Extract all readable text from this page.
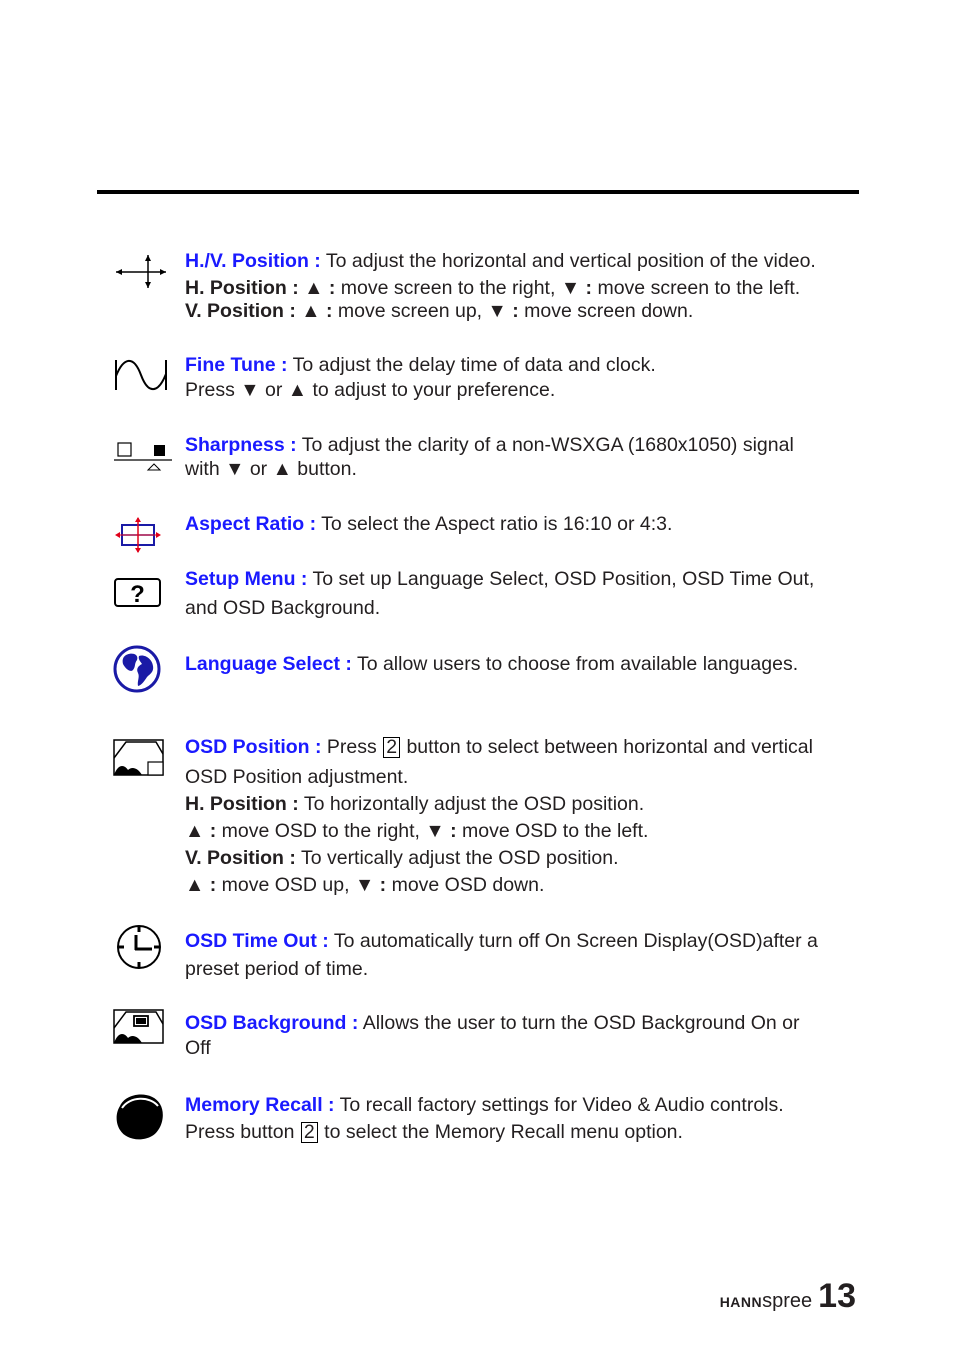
H./V. Position : To adjust the horizontal and vertical position of the video.
H. Position : ▲ : move screen to the right, ▼ : move screen to the left.
V. Position : ▲ : move screen up, ▼ : move screen down.
Fine Tune : To adjust the delay time of data and clock.
Press ▼ or ▲ to adjust to your preference.
Sharpness : To adjust the clarity of a non-WSXGA (1680x1050) signal
with ▼ or ▲ button.
Aspect Ratio : To select the Aspect ratio is 16:10 or 4:3.
?
Setup Menu : To set up Language Select, OSD Position, OSD Time Out,
and OSD Background.
Language Select : To allow users to choose from available languages.
OSD Position : Press 2 button to select between horizontal and vertical
OSD Position adjustment.
H. Position : To horizontally adjust the OSD position.
▲ : move OSD to the right, ▼ : move OSD to the left.
V. Position : To vertically adjust the OSD position.
▲ : move OSD up, ▼ : move OSD down.
OSD Time Out : To automatically turn off On Screen Display(OSD)after a
preset period of time.
OSD Background : Allows the user to turn the OSD Background On or
Off
Memory Recall : To recall factory settings for Video & Audio controls.
Press button 2 to select the Memory Recall menu option.
HANN spree 13
